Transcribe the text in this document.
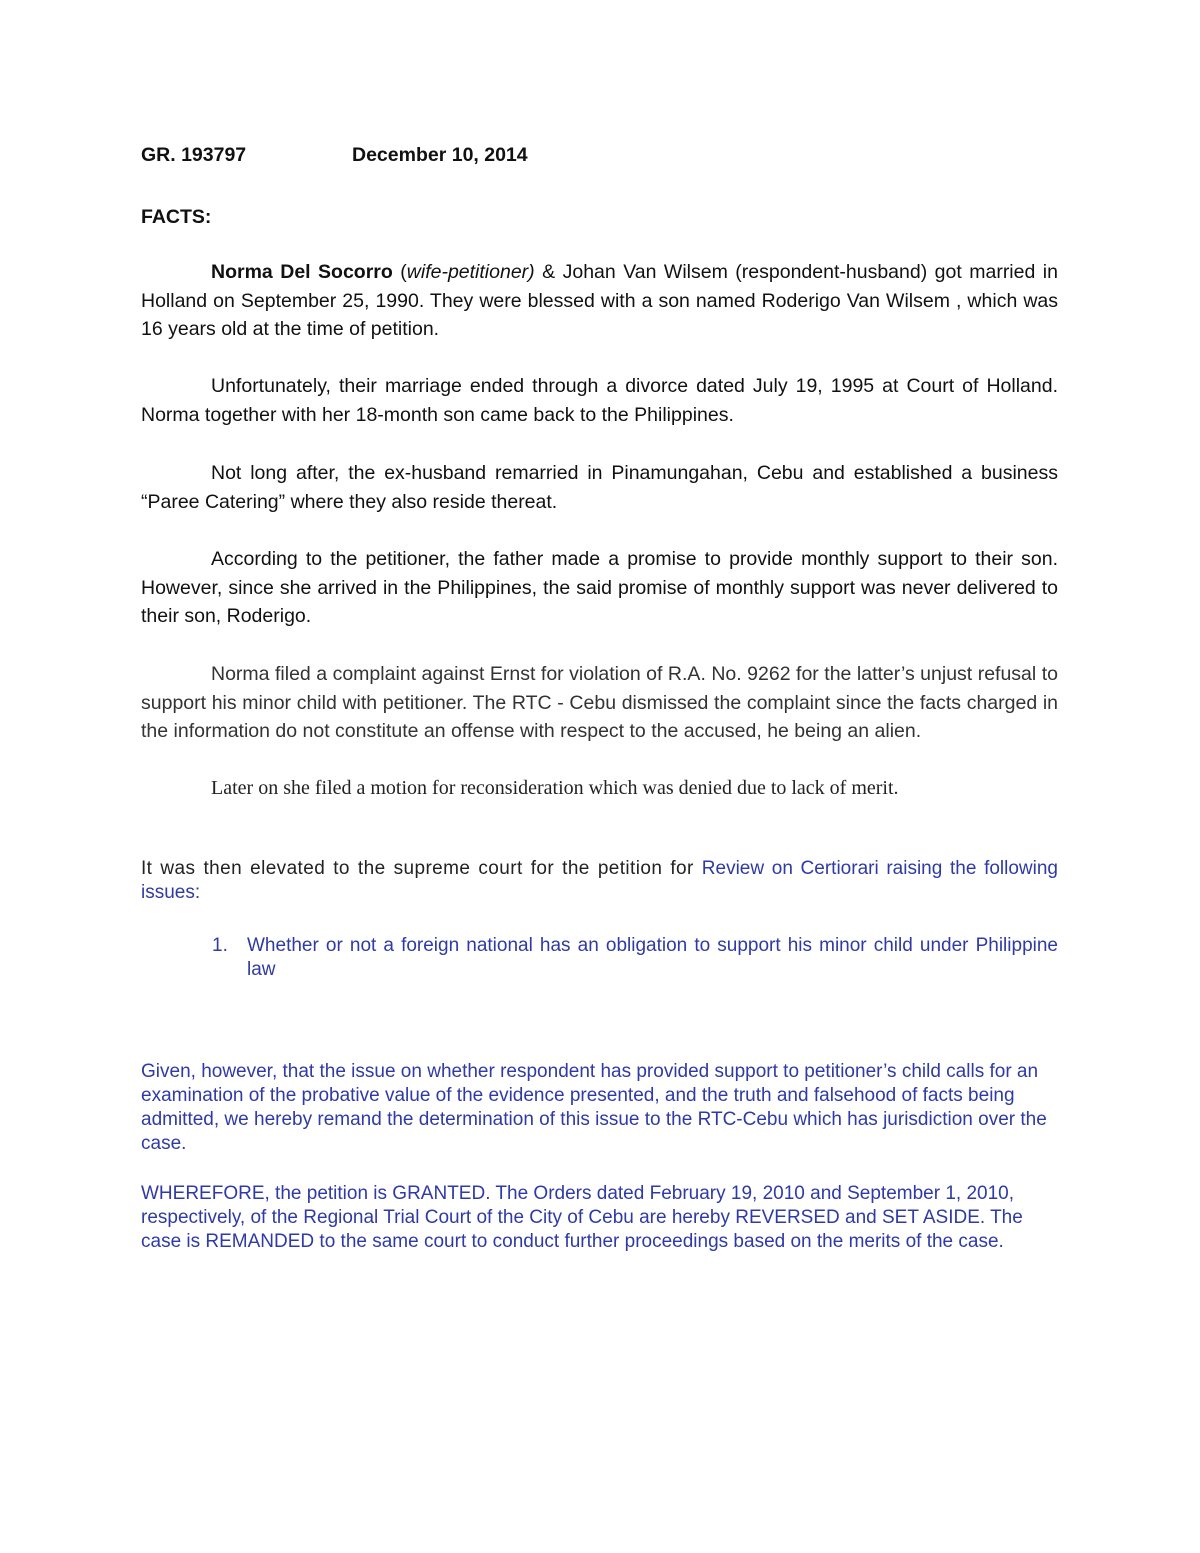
GR. 193797	December 10, 2014
FACTS:

Norma Del Socorro (wife-petitioner) & Johan Van Wilsem (respondent-husband) got married in Holland on September 25, 1990. They were blessed with a son named Roderigo Van Wilsem , which was 16 years old at the time of petition.

Unfortunately, their marriage ended through a divorce dated July 19, 1995 at Court of Holland. Norma together with her 18-month son came back to the Philippines.

Not long after, the ex-husband remarried in Pinamungahan, Cebu and established a business “Paree Catering” where they also reside thereat.

According to the petitioner, the father made a promise to provide monthly support to their son. However, since she arrived in the Philippines, the said promise of monthly support was never delivered to their son, Roderigo.

Norma filed a complaint against Ernst for violation of R.A. No. 9262 for the latter’s unjust refusal to support his minor child with petitioner. The RTC - Cebu dismissed the complaint since the facts charged in the information do not constitute an offense with respect to the accused, he being an alien.

Later on she filed a motion for reconsideration which was denied due to lack of merit.

It was then elevated to the supreme court for the petition for Review on Certiorari raising the following issues:

1. Whether or not a foreign national has an obligation to support his minor child under Philippine law

Given, however, that the issue on whether respondent has provided support to petitioner’s child calls for an examination of the probative value of the evidence presented, and the truth and falsehood of facts being admitted, we hereby remand the determination of this issue to the RTC-Cebu which has jurisdiction over the case.

WHEREFORE, the petition is GRANTED. The Orders dated February 19, 2010 and September 1, 2010, respectively, of the Regional Trial Court of the City of Cebu are hereby REVERSED and SET ASIDE. The case is REMANDED to the same court to conduct further proceedings based on the merits of the case.
